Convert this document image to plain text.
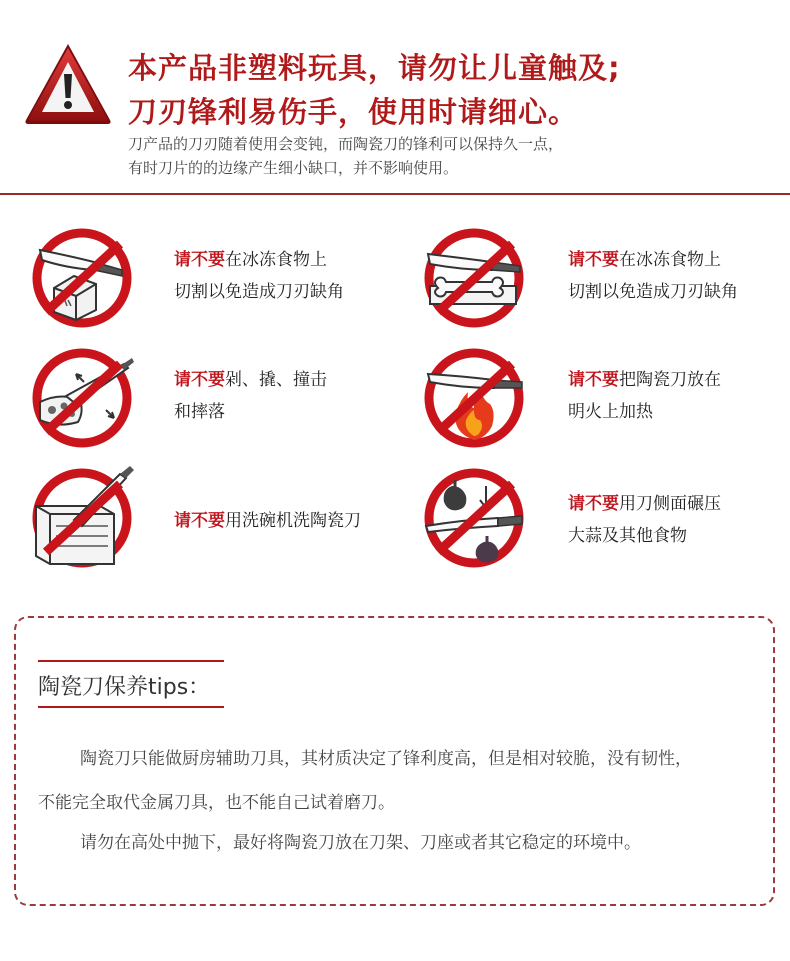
本产品非塑料玩具，请勿让儿童触及;
刀刃锋利易伤手，使用时请细心。
刀产品的刀刃随着使用会变钝，而陶瓷刀的锋利可以保持久一点，
有时刀片的的边缘产生细小缺口，并不影响使用。
请不要在冰冻食物上
切割以免造成刀刃缺角
请不要在冰冻食物上
切割以免造成刀刃缺角
请不要剁、撬、撞击
和摔落
请不要把陶瓷刀放在
明火上加热
请不要用洗碗机洗陶瓷刀
请不要用刀侧面碾压
大蒜及其他食物
陶瓷刀保养tips：
陶瓷刀只能做厨房辅助刀具，其材质决定了锋利度高，但是相对较脆，没有韧性，
不能完全取代金属刀具，也不能自己试着磨刀。
请勿在高处中抛下，最好将陶瓷刀放在刀架、刀座或者其它稳定的环境中。
